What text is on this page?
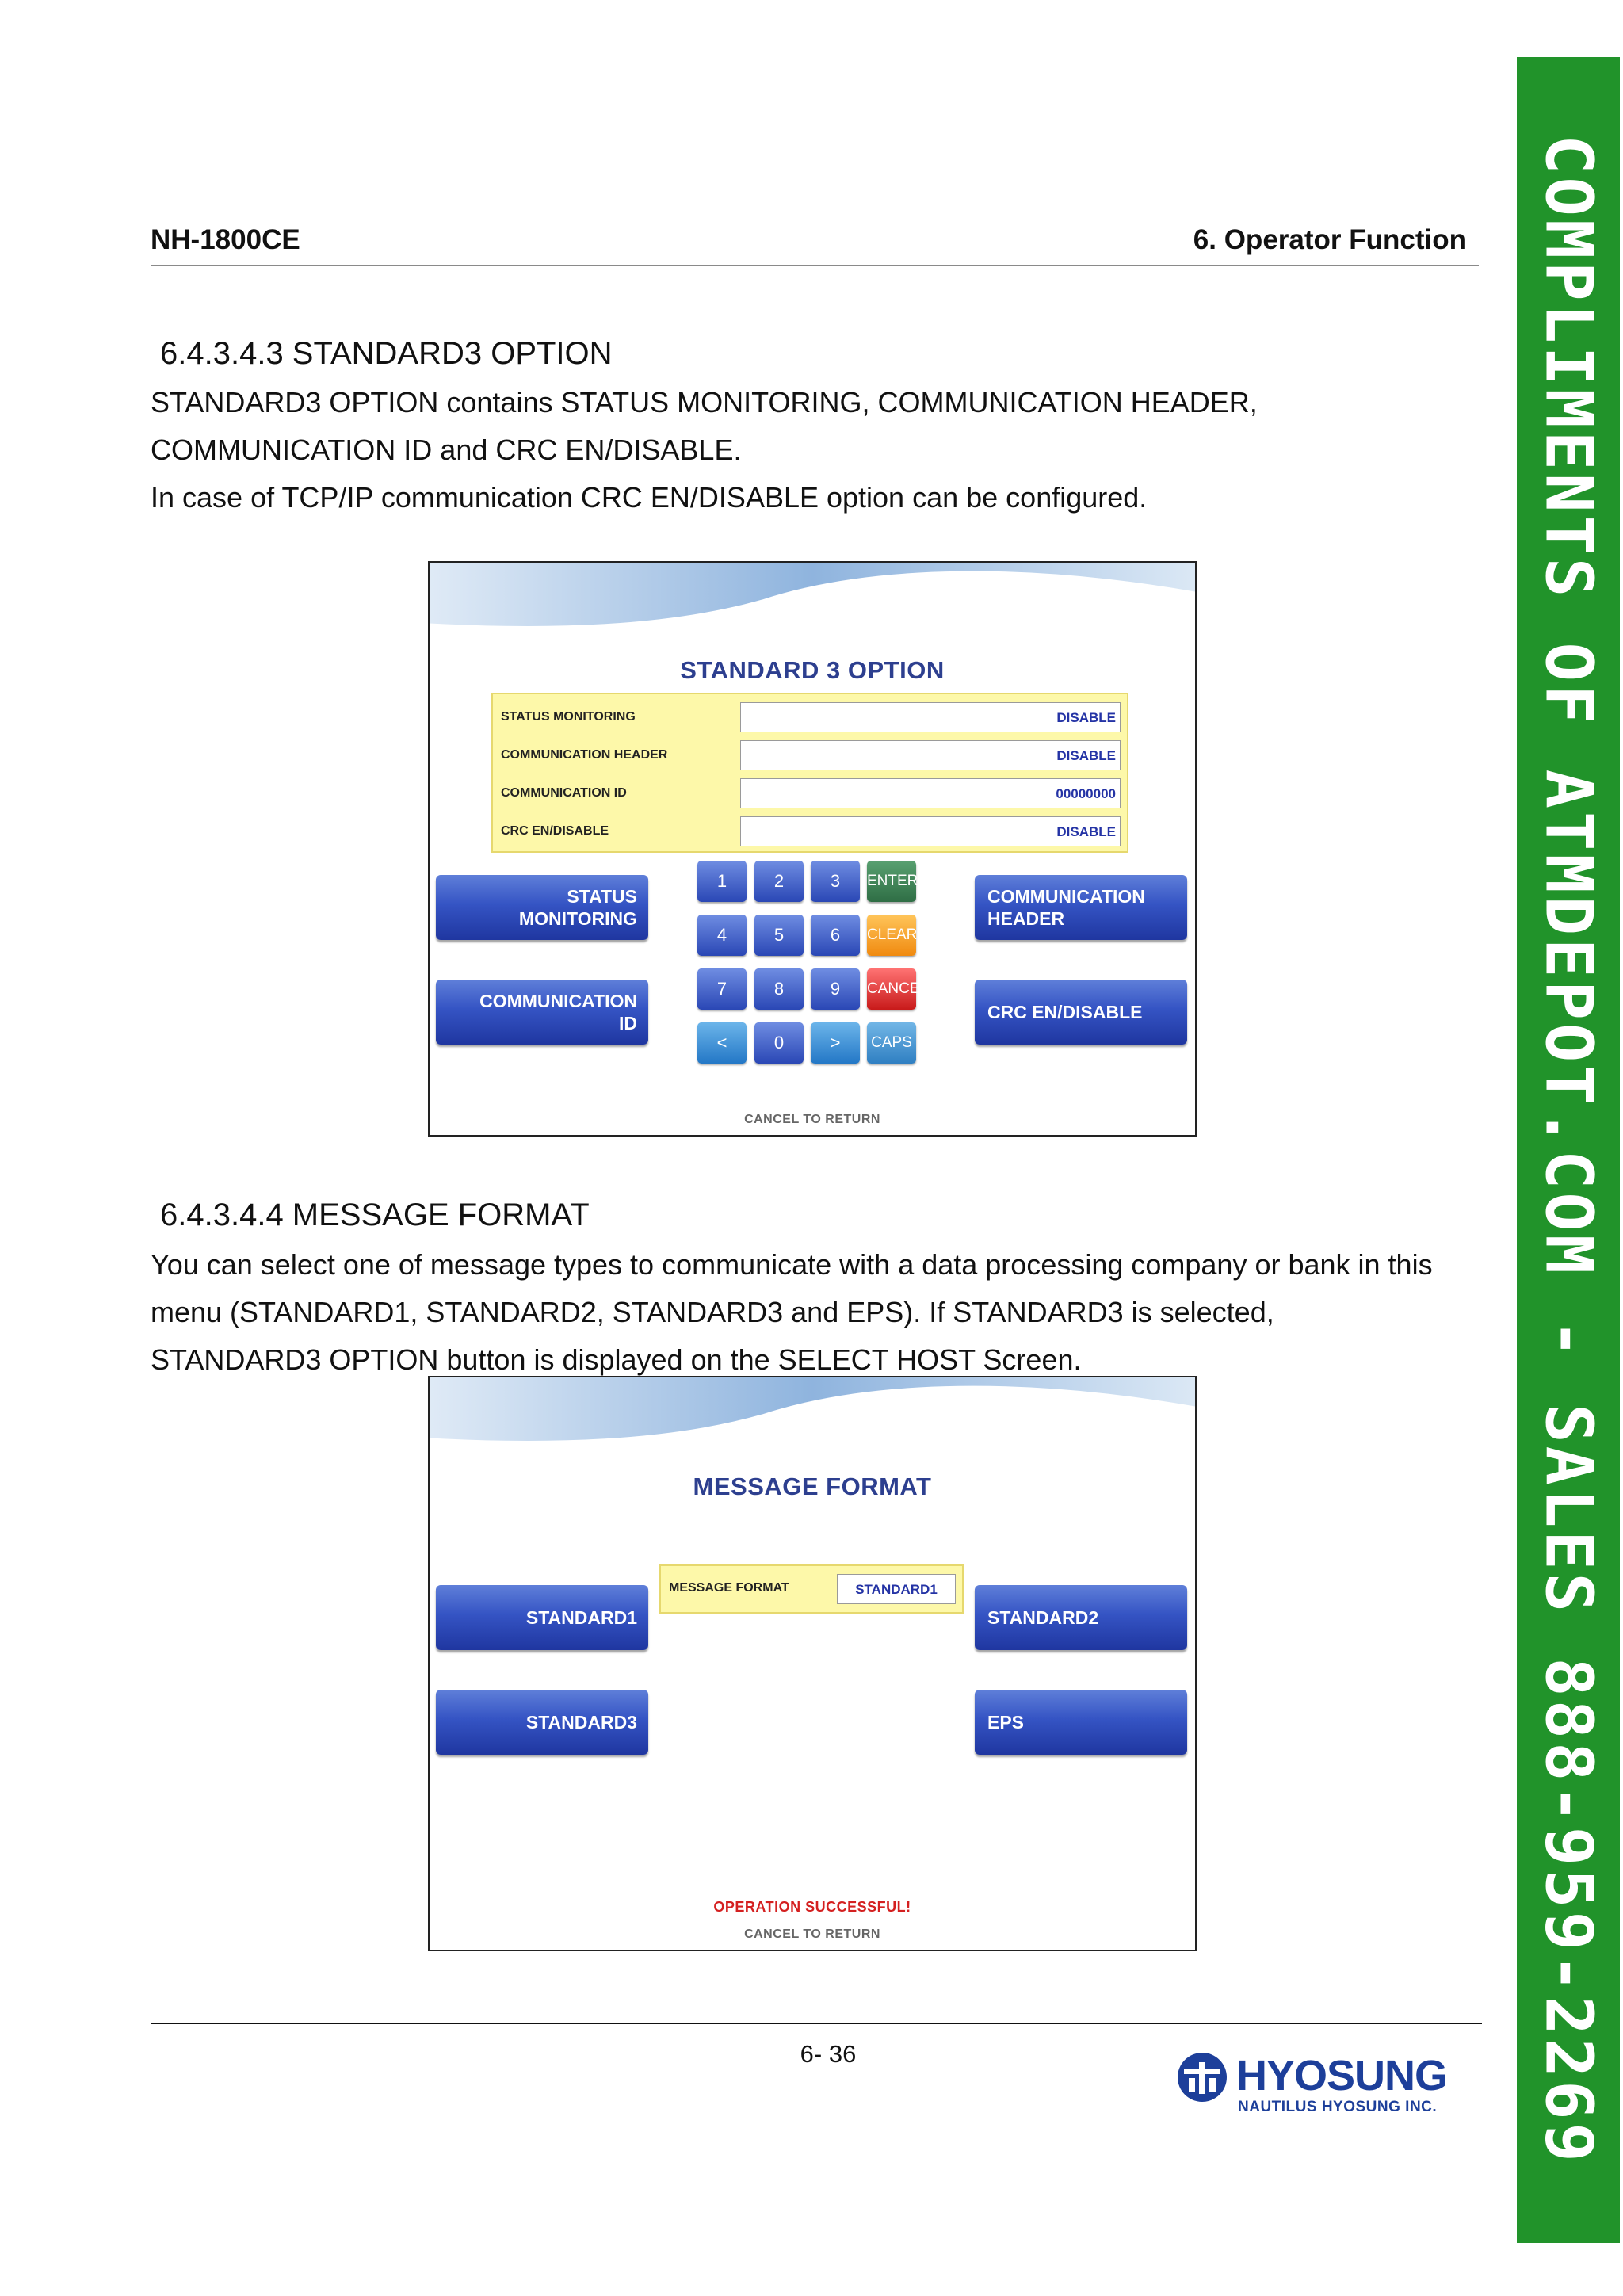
NH-1800CE	6. Operator Function
6.4.3.4.3 STANDARD3 OPTION
STANDARD3 OPTION contains STATUS MONITORING, COMMUNICATION HEADER,
COMMUNICATION ID and CRC EN/DISABLE.
In case of TCP/IP communication CRC EN/DISABLE option can be configured.
STANDARD 3 OPTION
STATUS MONITORING	DISABLE
COMMUNICATION HEADER	DISABLE
COMMUNICATION ID	00000000
CRC EN/DISABLE	DISABLE
STATUS
MONITORING
COMMUNICATION
ID
COMMUNICATION
HEADER
CRC EN/DISABLE
1	2	3	ENTER
4	5	6	CLEAR
7	8	9	CANCEL
<	0	>	CAPS
CANCEL TO RETURN
6.4.3.4.4 MESSAGE FORMAT
You can select one of message types to communicate with a data processing company or bank in this
menu (STANDARD1, STANDARD2, STANDARD3 and EPS). If STANDARD3 is selected,
STANDARD3 OPTION button is displayed on the SELECT HOST Screen.
MESSAGE FORMAT
MESSAGE FORMAT	STANDARD1
STANDARD1
STANDARD3
STANDARD2
EPS
OPERATION SUCCESSFUL!
CANCEL TO RETURN
6- 36	HYOSUNG
NAUTILUS HYOSUNG INC. COMPLIMENTS OF ATMDEPOT.COM - SALES 888-959-2269
